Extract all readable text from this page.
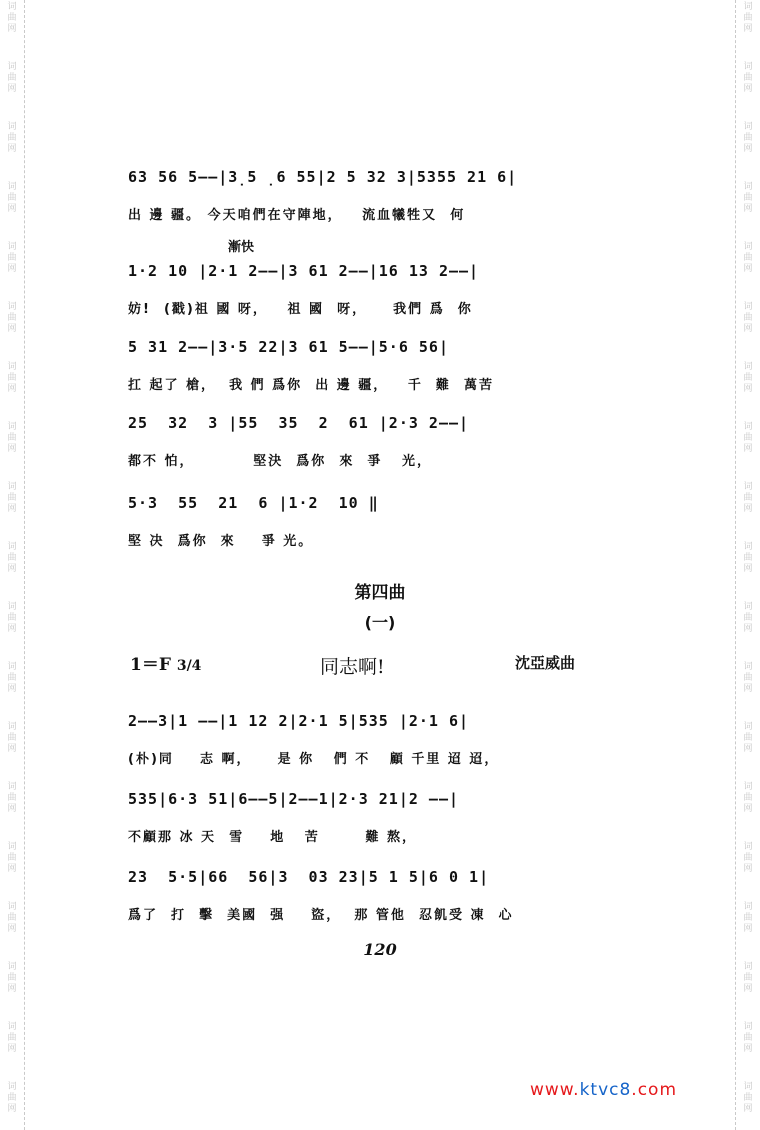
词
曲
网
词
曲
网
词
曲
网
词
曲
网
词
曲
网
词
曲
网
词
曲
网
词
曲
网
词
曲
网
词
曲
网
词
曲
网
词
曲
网
词
曲
网
词
曲
网
词
曲
网
词
曲
网
词
曲
网
词
曲
网
词
曲
网
词
曲
网
词
曲
网
词
曲
网
词
曲
网
词
曲
网
词
曲
网
词
曲
网
词
曲
网
词
曲
网
词
曲
网
词
曲
网
词
曲
网
词
曲
网
词
曲
网
词
曲
网
词
曲
网
词
曲
网
词
曲
网
词
曲
网
63 56 5——|3̣5 ̣6 55|2 5 32 3|5355 21 6|
出 邊 疆。 今天咱們在守陣地，   流血犧牲又  何
漸快
1·2 10 |2·1 2——|3 61 2——|16 13 2——|
妨!  (戳)祖 國 呀，   祖 國  呀，    我們 爲  你
5 31 2——|3·5 22|3 61 5——|5·6 56|
扛 起了 槍，  我 們 爲你  出 邊 疆，   千  難  萬苦
25  32  3 |55  35  2  61 |2·3 2——|
都不 怕，         堅決  爲你  來  爭   光，
5·3  55  21  6 |1·2  10 ‖
堅 决  爲你  來    爭 光。
第四曲
(一)
1＝F 3/4	同志啊!	沈亞威曲
2——3|1 ——|1 12 2|2·1 5|535 |2·1 6|
(朴)同    志 啊，    是 你   們 不   顧 千里 迢 迢，
535|6·3 51|6——5|2——1|2·3 21|2 ——|
不顧那 冰 天  雪    地   苦       難 熬，
23  5·5|66  56|3  03 23|5 1 5|6 0 1|
爲了  打  擊  美國  强    盜，  那 管他  忍飢受 凍  心
120
www.ktvc8.com
